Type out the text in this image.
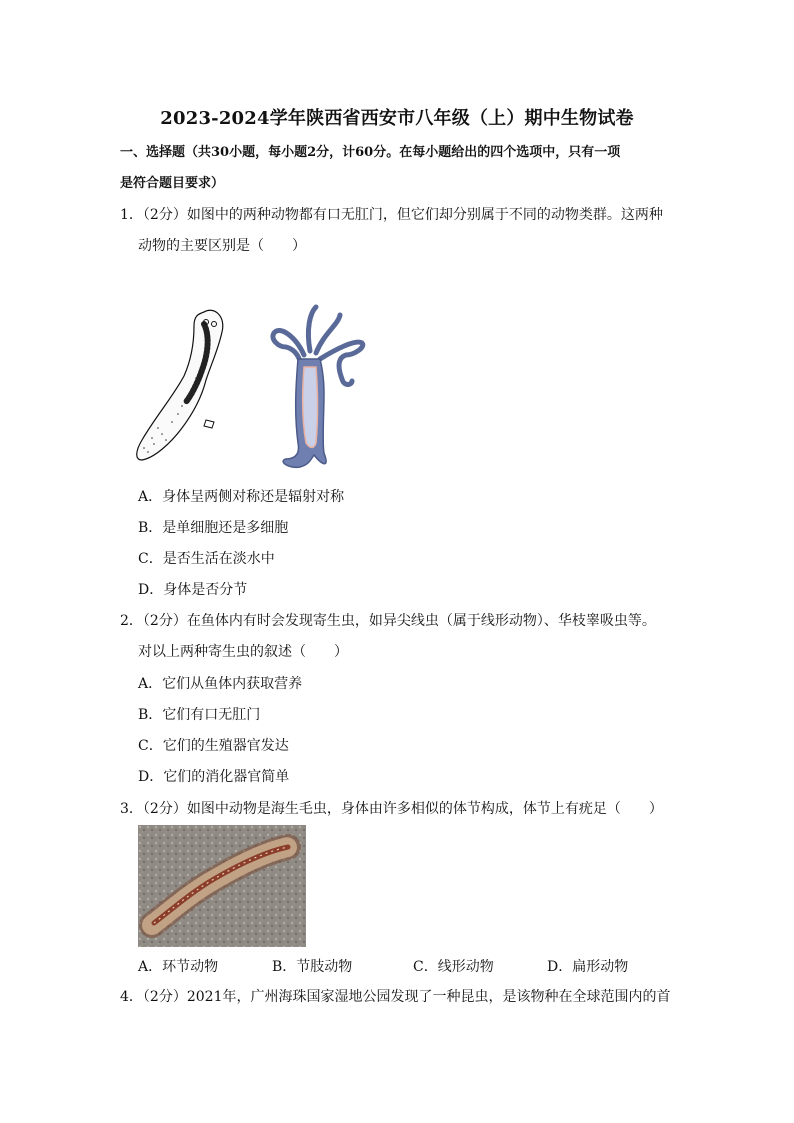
2023-2024学年陕西省西安市八年级（上）期中生物试卷
一、选择题（共30小题，每小题2分，计60分。在每小题给出的四个选项中，只有一项
是符合题目要求）
1．（2分）如图中的两种动物都有口无肛门，但它们却分别属于不同的动物类群。这两种
动物的主要区别是（　　）
A．身体呈两侧对称还是辐射对称
B．是单细胞还是多细胞
C．是否生活在淡水中
D．身体是否分节
2．（2分）在鱼体内有时会发现寄生虫，如异尖线虫（属于线形动物）、华枝睾吸虫等。
对以上两种寄生虫的叙述（　　）
A．它们从鱼体内获取营养
B．它们有口无肛门
C．它们的生殖器官发达
D．它们的消化器官简单
3．（2分）如图中动物是海生毛虫，身体由许多相似的体节构成，体节上有疣足（　　）
A．环节动物	B．节肢动物	C．线形动物	D．扁形动物
4．（2分）2021年，广州海珠国家湿地公园发现了一种昆虫，是该物种在全球范围内的首
